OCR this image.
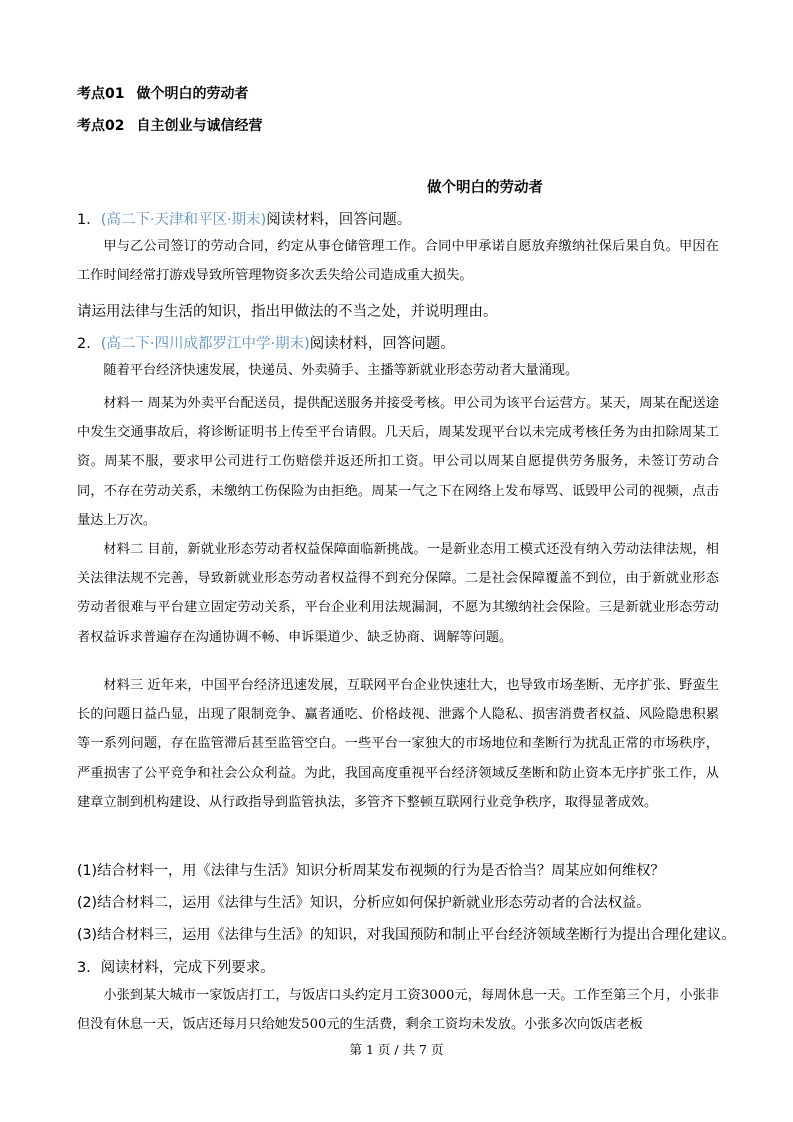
考点01 做个明白的劳动者
考点02 自主创业与诚信经营
做个明白的劳动者
1．(高二下·天津和平区·期末)阅读材料，回答问题。

甲与乙公司签订的劳动合同，约定从事仓储管理工作。合同中甲承诺自愿放弃缴纳社保后果自负。甲因在工作时间经常打游戏导致所管理物资多次丢失给公司造成重大损失。

请运用法律与生活的知识，指出甲做法的不当之处，并说明理由。
2．(高二下·四川成都罗江中学·期末)阅读材料，回答问题。

随着平台经济快速发展，快递员、外卖骑手、主播等新就业形态劳动者大量涌现。

材料一 周某为外卖平台配送员，提供配送服务并接受考核。甲公司为该平台运营方。某天，周某在配送途中发生交通事故后，将诊断证明书上传至平台请假。几天后，周某发现平台以未完成考核任务为由扣除周某工资。周某不服，要求甲公司进行工伤赔偿并返还所扣工资。甲公司以周某自愿提供劳务服务，未签订劳动合同，不存在劳动关系，未缴纳工伤保险为由拒绝。周某一气之下在网络上发布辱骂、诋毁甲公司的视频，点击量达上万次。

材料二 目前，新就业形态劳动者权益保障面临新挑战。一是新业态用工模式还没有纳入劳动法律法规，相关法律法规不完善，导致新就业形态劳动者权益得不到充分保障。二是社会保障覆盖不到位，由于新就业形态劳动者很难与平台建立固定劳动关系，平台企业利用法规漏洞，不愿为其缴纳社会保险。三是新就业形态劳动者权益诉求普遍存在沟通协调不畅、申诉渠道少、缺乏协商、调解等问题。

材料三 近年来，中国平台经济迅速发展，互联网平台企业快速壮大，也导致市场垄断、无序扩张、野蛮生长的问题日益凸显，出现了限制竞争、赢者通吃、价格歧视、泄露个人隐私、损害消费者权益、风险隐患积累等一系列问题，存在监管滞后甚至监管空白。一些平台一家独大的市场地位和垄断行为扰乱正常的市场秩序，严重损害了公平竞争和社会公众利益。为此，我国高度重视平台经济领域反垄断和防止资本无序扩张工作，从建章立制到机构建设、从行政指导到监管执法，多管齐下整顿互联网行业竞争秩序，取得显著成效。

(1)结合材料一，用《法律与生活》知识分析周某发布视频的行为是否恰当？周某应如何维权？
(2)结合材料二，运用《法律与生活》知识，分析应如何保护新就业形态劳动者的合法权益。
(3)结合材料三，运用《法律与生活》的知识，对我国预防和制止平台经济领域垄断行为提出合理化建议。
3．阅读材料，完成下列要求。

小张到某大城市一家饭店打工，与饭店口头约定月工资3000元，每周休息一天。工作至第三个月，小张非但没有休息一天，饭店还每月只给她发500元的生活费，剩余工资均未发放。小张多次向饭店老板

第 1 页 / 共 7 页
